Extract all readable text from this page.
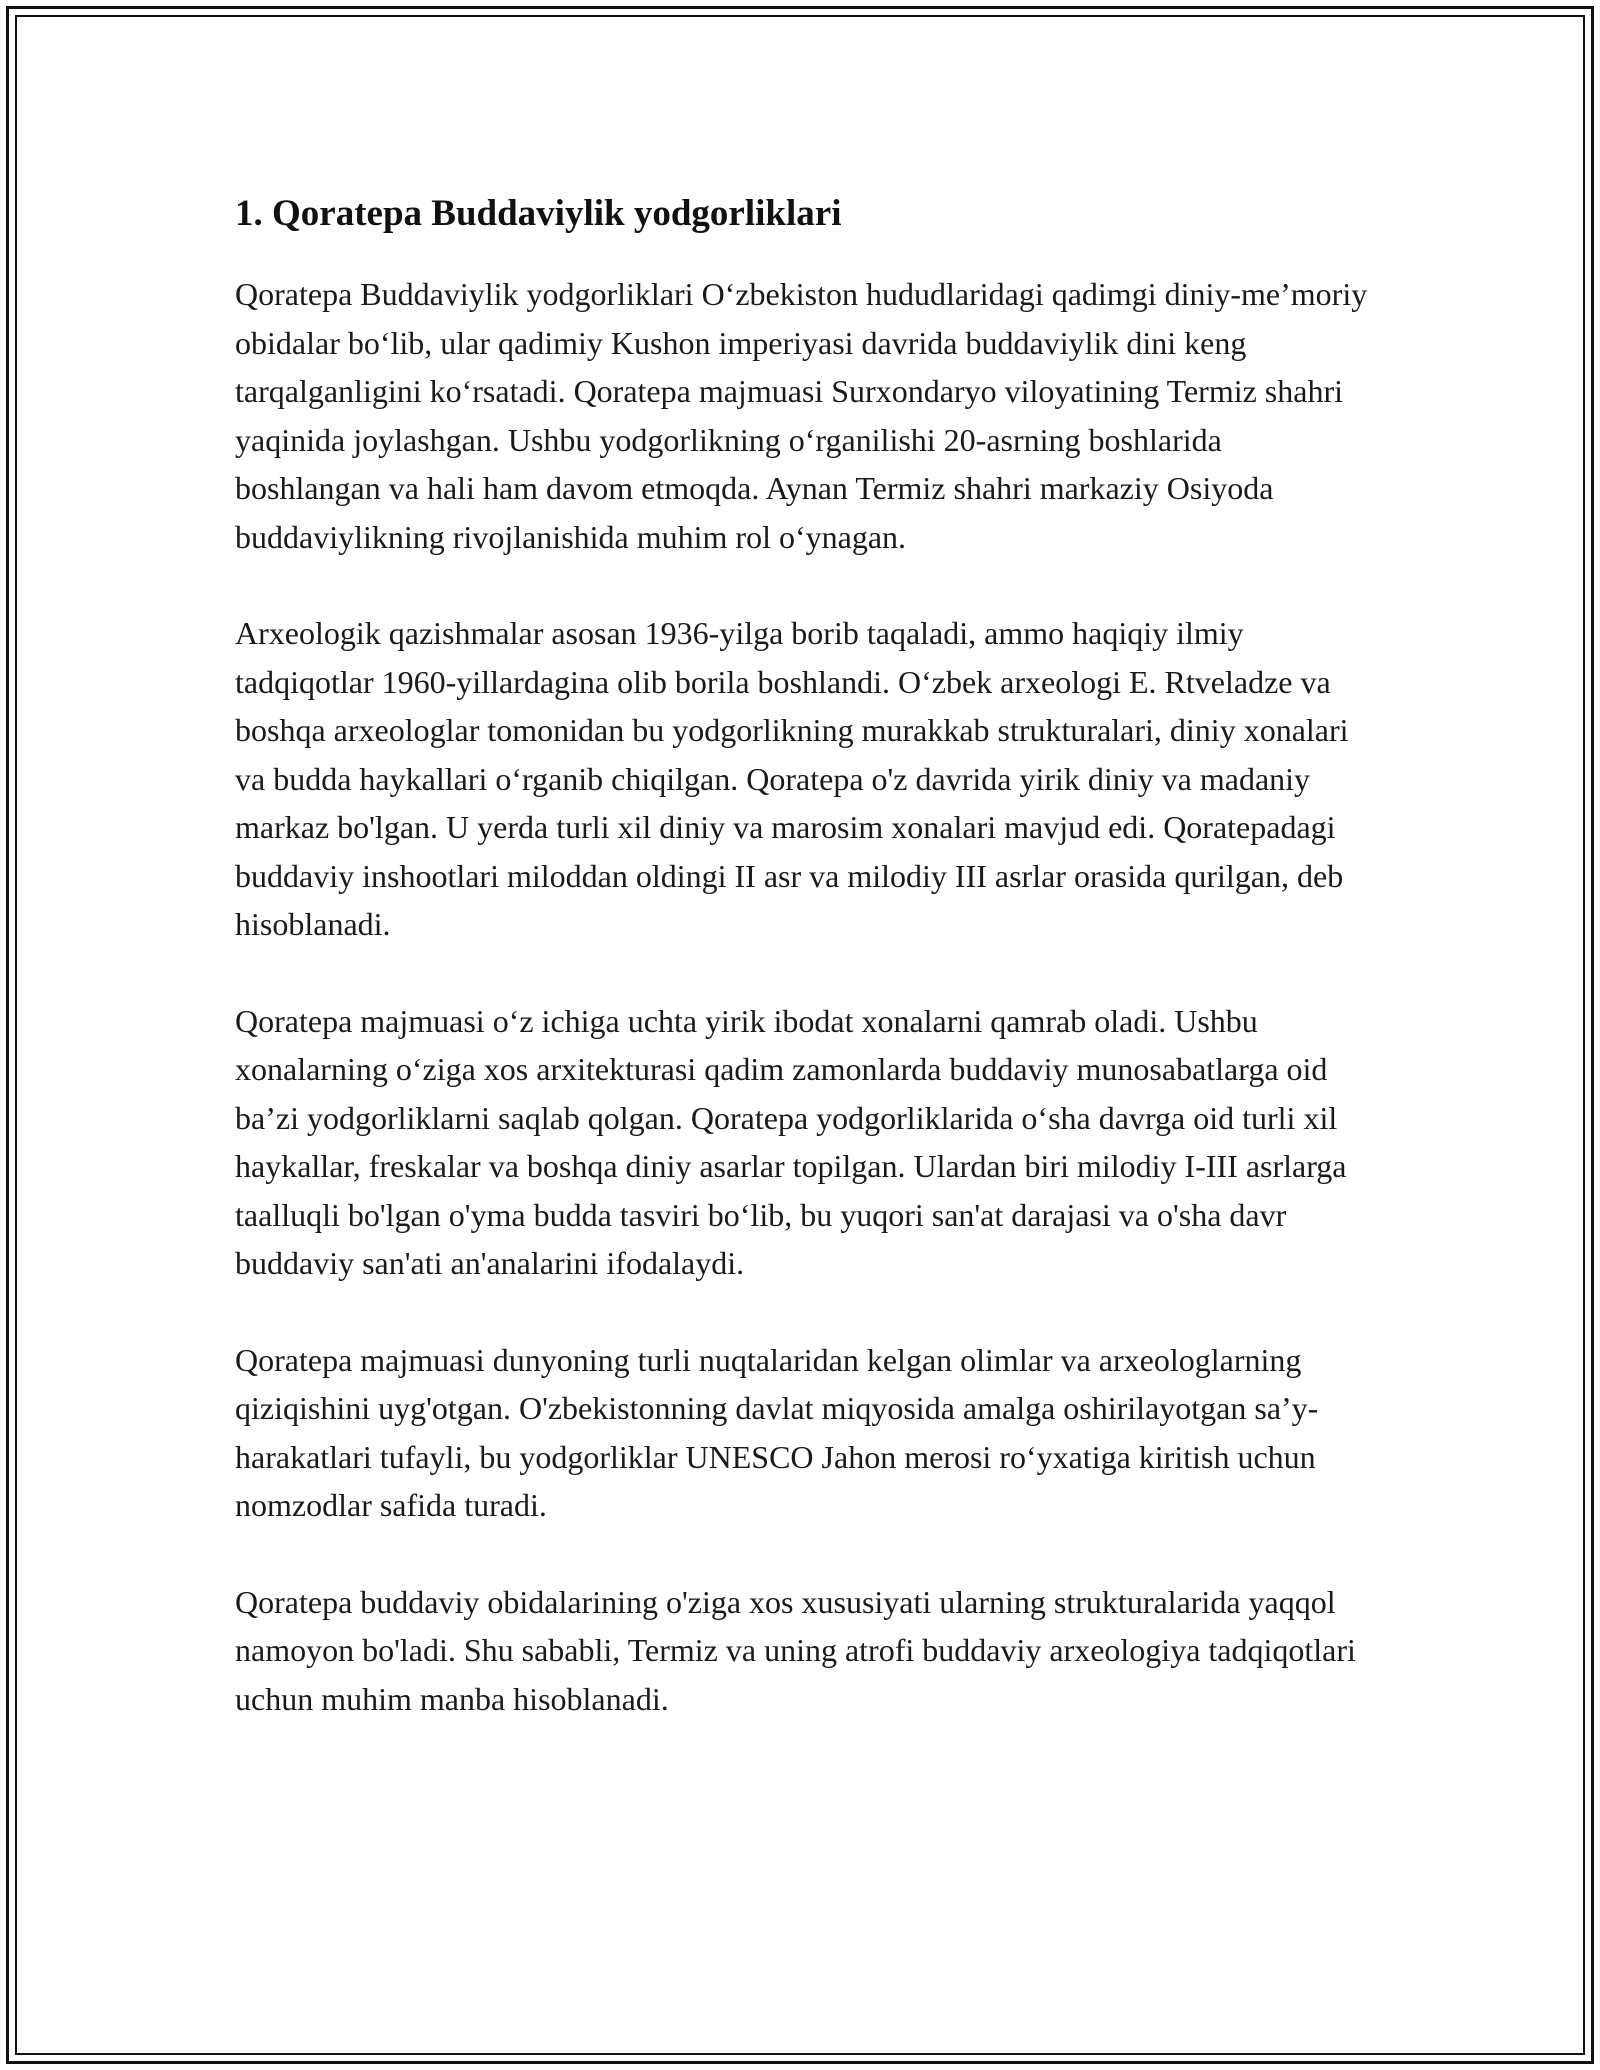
1. Qoratepa Buddaviylik yodgorliklari

Qoratepa Buddaviylik yodgorliklari O‘zbekiston hududlaridagi qadimgi diniy-me’moriy obidalar bo‘lib, ular qadimiy Kushon imperiyasi davrida buddaviylik dini keng tarqalganligini ko‘rsatadi. Qoratepa majmuasi Surxondaryo viloyatining Termiz shahri yaqinida joylashgan. Ushbu yodgorlikning o‘rganilishi 20-asrning boshlarida boshlangan va hali ham davom etmoqda. Aynan Termiz shahri markaziy Osiyoda buddaviylikning rivojlanishida muhim rol o‘ynagan.

Arxeologik qazishmalar asosan 1936-yilga borib taqaladi, ammo haqiqiy ilmiy tadqiqotlar 1960-yillardagina olib borila boshlandi. O‘zbek arxeologi E. Rtveladze va boshqa arxeologlar tomonidan bu yodgorlikning murakkab strukturalari, diniy xonalari va budda haykallari o‘rganib chiqilgan. Qoratepa o'z davrida yirik diniy va madaniy markaz bo'lgan. U yerda turli xil diniy va marosim xonalari mavjud edi. Qoratepadagi buddaviy inshootlari miloddan oldingi II asr va milodiy III asrlar orasida qurilgan, deb hisoblanadi.

Qoratepa majmuasi o‘z ichiga uchta yirik ibodat xonalarni qamrab oladi. Ushbu xonalarning o‘ziga xos arxitekturasi qadim zamonlarda buddaviy munosabatlarga oid ba’zi yodgorliklarni saqlab qolgan. Qoratepa yodgorliklarida o‘sha davrga oid turli xil haykallar, freskalar va boshqa diniy asarlar topilgan. Ulardan biri milodiy I-III asrlarga taalluqli bo'lgan o'yma budda tasviri bo‘lib, bu yuqori san'at darajasi va o'sha davr buddaviy san'ati an'analarini ifodalaydi.

Qoratepa majmuasi dunyoning turli nuqtalaridan kelgan olimlar va arxeologlarning qiziqishini uyg'otgan. O'zbekistonning davlat miqyosida amalga oshirilayotgan sa’y-harakatlari tufayli, bu yodgorliklar UNESCO Jahon merosi ro‘yxatiga kiritish uchun nomzodlar safida turadi.

Qoratepa buddaviy obidalarining o'ziga xos xususiyati ularning strukturalarida yaqqol namoyon bo'ladi. Shu sababli, Termiz va uning atrofi buddaviy arxeologiya tadqiqotlari uchun muhim manba hisoblanadi.
